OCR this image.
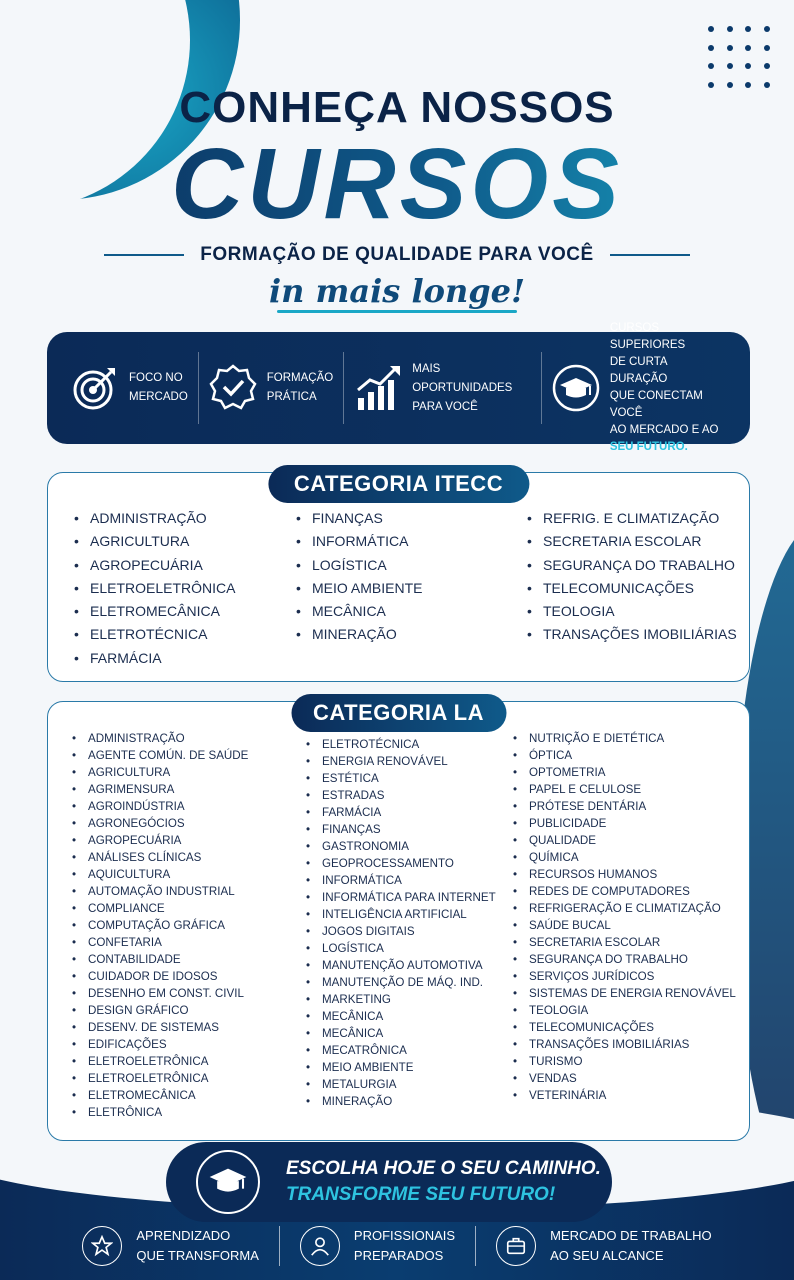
CONHEÇA NOSSOS
CURSOS
FORMAÇÃO DE QUALIDADE PARA VOCÊ
in mais longe!
FOCO NO
MERCADO
FORMAÇÃO
PRÁTICA
MAIS OPORTUNIDADES
PARA VOCÊ
CURSOS SUPERIORES
DE CURTA DURAÇÃO
QUE CONECTAM VOCÊ
AO MERCADO E AO
SEU FUTURO.
CATEGORIA ITECC
• ADMINISTRAÇÃO
• AGRICULTURA
• AGROPECUÁRIA
• ELETROELETRÔNICA
• ELETROMECÂNICA
• ELETROTÉCNICA
• FARMÁCIA
• FINANÇAS
• INFORMÁTICA
• LOGÍSTICA
• MEIO AMBIENTE
• MECÂNICA
• MINERAÇÃO
• REFRIG. E CLIMATIZAÇÃO
• SECRETARIA ESCOLAR
• SEGURANÇA DO TRABALHO
• TELECOMUNICAÇÕES
• TEOLOGIA
• TRANSAÇÕES IMOBILIÁRIAS
CATEGORIA LA
• ADMINISTRAÇÃO
• AGENTE COMÚN. DE SAÚDE
• AGRICULTURA
• AGRIMENSURA
• AGROINDÚSTRIA
• AGRONEGÓCIOS
• AGROPECUÁRIA
• ANÁLISES CLÍNICAS
• AQUICULTURA
• AUTOMAÇÃO INDUSTRIAL
• COMPLIANCE
• COMPUTAÇÃO GRÁFICA
• CONFETARIA
• CONTABILIDADE
• CUIDADOR DE IDOSOS
• DESENHO EM CONST. CIVIL
• DESIGN GRÁFICO
• DESENV. DE SISTEMAS
• EDIFICAÇÕES
• ELETROELETRÔNICA
• ELETROELETRÔNICA
• ELETROMECÂNICA
• ELETRÔNICA
• ELETROTÉCNICA
• ENERGIA RENOVÁVEL
• ESTÉTICA
• ESTRADAS
• FARMÁCIA
• FINANÇAS
• GASTRONOMIA
• GEOPROCESSAMENTO
• INFORMÁTICA
• INFORMÁTICA PARA INTERNET
• INTELIGÊNCIA ARTIFICIAL
• JOGOS DIGITAIS
• LOGÍSTICA
• MANUTENÇÃO AUTOMOTIVA
• MANUTENÇÃO DE MÁQ. IND.
• MARKETING
• MECÂNICA
• MECÂNICA
• MECATRÔNICA
• MEIO AMBIENTE
• METALURGIA
• MINERAÇÃO
• NUTRIÇÃO E DIETÉTICA
• ÓPTICA
• OPTOMETRIA
• PAPEL E CELULOSE
• PRÓTESE DENTÁRIA
• PUBLICIDADE
• QUALIDADE
• QUÍMICA
• RECURSOS HUMANOS
• REDES DE COMPUTADORES
• REFRIGERAÇÃO E CLIMATIZAÇÃO
• SAÚDE BUCAL
• SECRETARIA ESCOLAR
• SEGURANÇA DO TRABALHO
• SERVIÇOS JURÍDICOS
• SISTEMAS DE ENERGIA RENOVÁVEL
• TEOLOGIA
• TELECOMUNICAÇÕES
• TRANSAÇÕES IMOBILIÁRIAS
• TURISMO
• VENDAS
• VETERINÁRIA
ESCOLHA HOJE O SEU CAMINHO.
TRANSFORME SEU FUTURO!
APRENDIZADO
QUE TRANSFORMA
PROFISSIONAIS
PREPARADOS
MERCADO DE TRABALHO
AO SEU ALCANCE
